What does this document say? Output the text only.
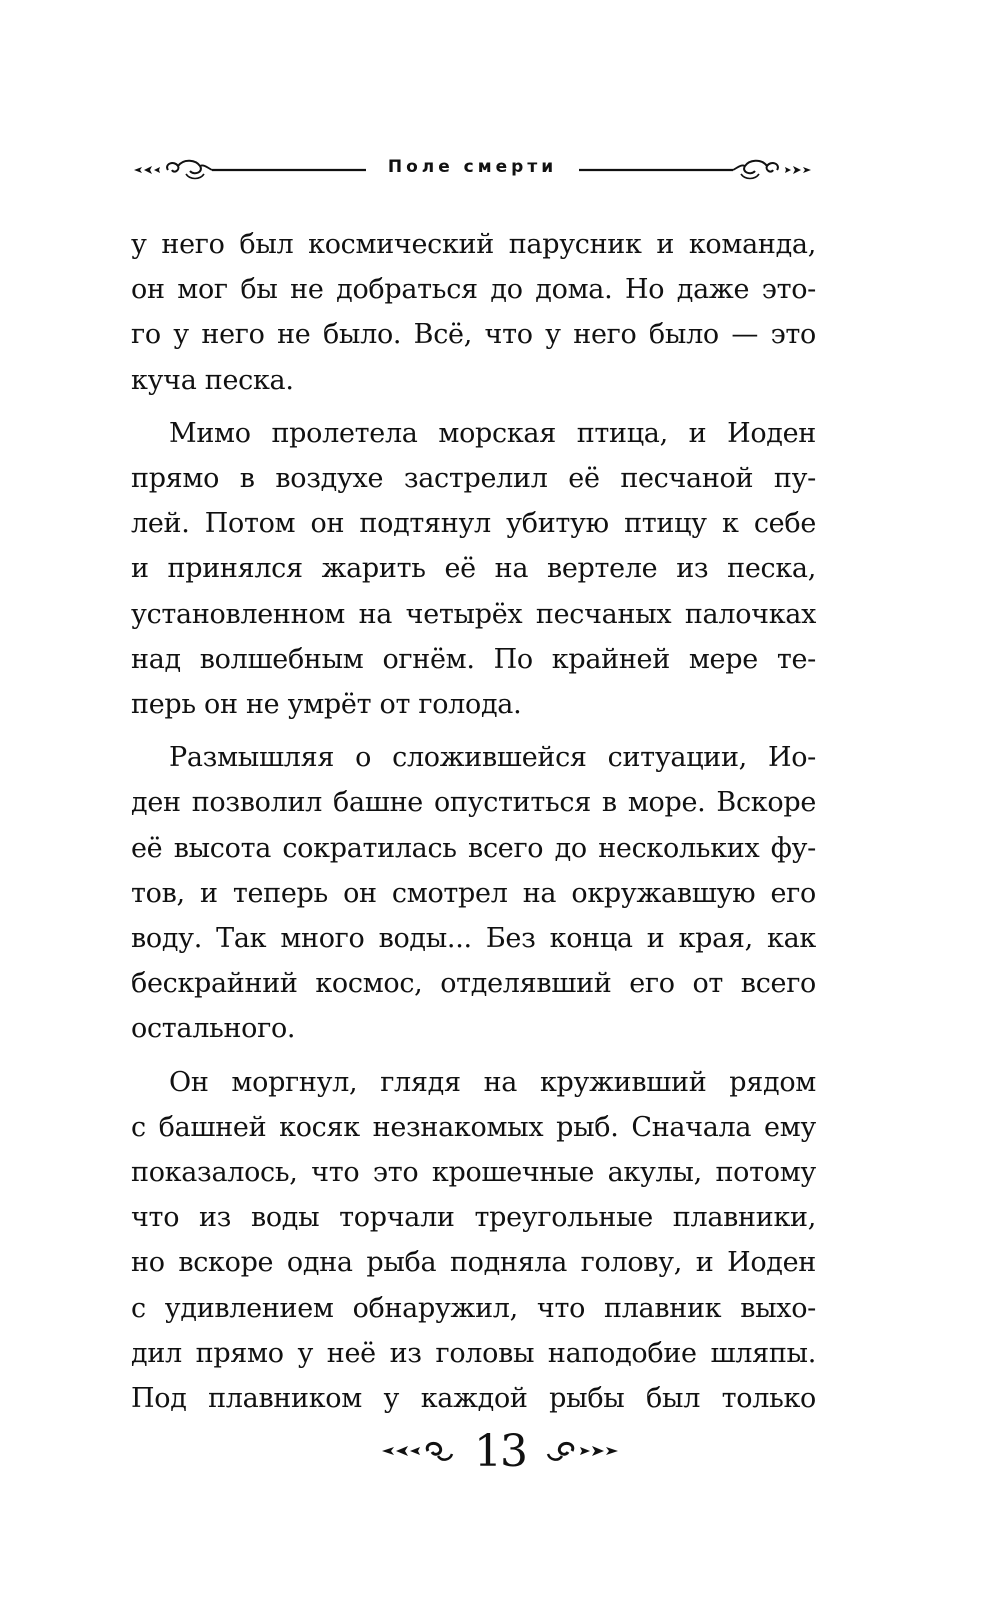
Поле смерти

у него был космический парусник и команда,
он мог бы не добраться до дома. Но даже это-
го у него не было. Всё, что у него было — это
куча песка.

Мимо пролетела морская птица, и Иоден
прямо в воздухе застрелил её песчаной пу-
лей. Потом он подтянул убитую птицу к себе
и принялся жарить её на вертеле из песка,
установленном на четырёх песчаных палочках
над волшебным огнём. По крайней мере те-
перь он не умрёт от голода.

Размышляя о сложившейся ситуации, Ио-
ден позволил башне опуститься в море. Вскоре
её высота сократилась всего до нескольких фу-
тов, и теперь он смотрел на окружавшую его
воду. Так много воды... Без конца и края, как
бескрайний космос, отделявший его от всего
остального.

Он моргнул, глядя на круживший рядом
с башней косяк незнакомых рыб. Сначала ему
показалось, что это крошечные акулы, потому
что из воды торчали треугольные плавники,
но вскоре одна рыба подняла голову, и Иоден
с удивлением обнаружил, что плавник выхо-
дил прямо у неё из головы наподобие шляпы.
Под плавником у каждой рыбы был только

13
